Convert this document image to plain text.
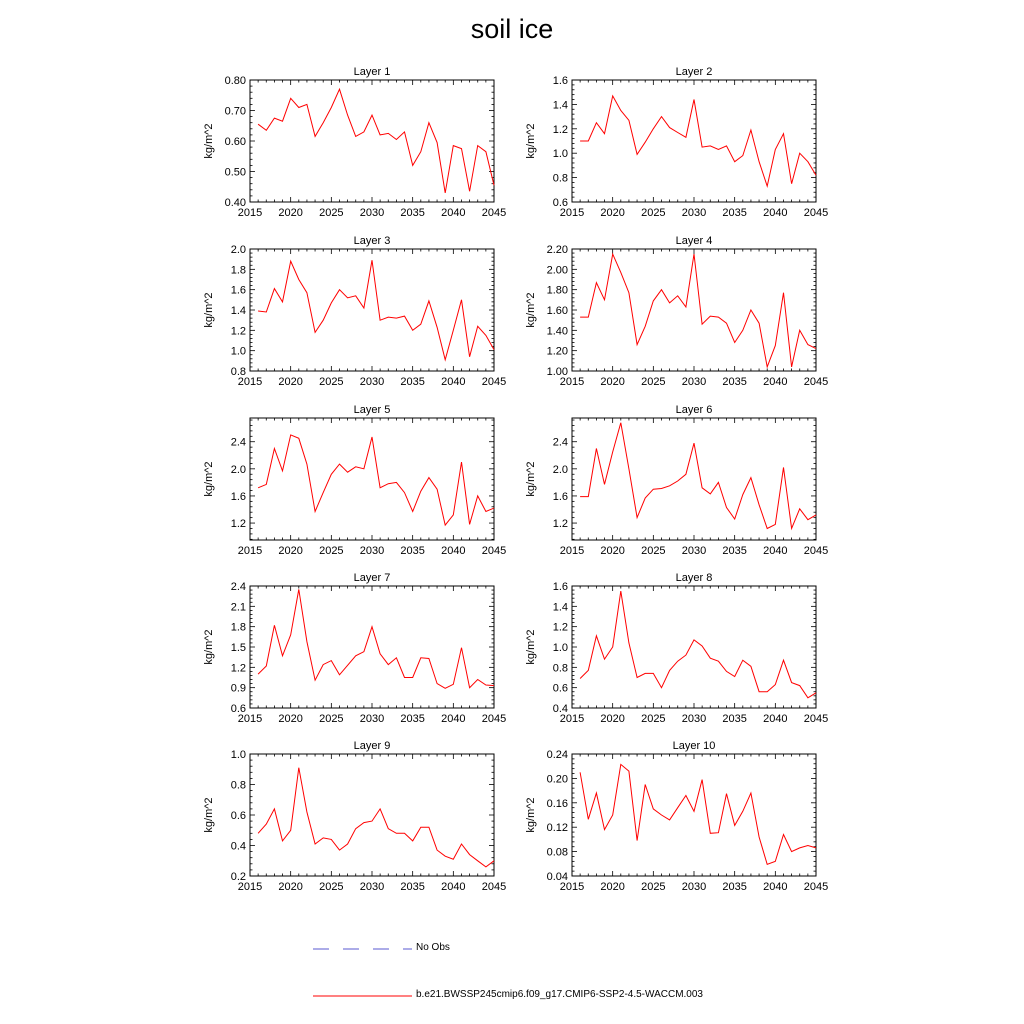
soil ice
Layer 1
kg/m^2
2015 2020 2025 2030 2035 2040 2045
0.40
0.50
0.60
0.70
0.80
Layer 2
kg/m^2
2015 2020 2025 2030 2035 2040 2045
0.6
0.8
1.0
1.2
1.4
1.6
Layer 3
kg/m^2
2015 2020 2025 2030 2035 2040 2045
0.8
1.0
1.2
1.4
1.6
1.8
2.0
Layer 4
kg/m^2
2015 2020 2025 2030 2035 2040 2045
1.00
1.20
1.40
1.60
1.80
2.00
2.20
Layer 5
kg/m^2
2015 2020 2025 2030 2035 2040 2045
1.2
1.6
2.0
2.4
Layer 6
kg/m^2
2015 2020 2025 2030 2035 2040 2045
1.2
1.6
2.0
2.4
Layer 7
kg/m^2
2015 2020 2025 2030 2035 2040 2045
0.6
0.9
1.2
1.5
1.8
2.1
2.4
Layer 8
kg/m^2
2015 2020 2025 2030 2035 2040 2045
0.4
0.6
0.8
1.0
1.2
1.4
1.6
Layer 9
kg/m^2
2015 2020 2025 2030 2035 2040 2045
0.2
0.4
0.6
0.8
1.0
Layer 10
kg/m^2
2015 2020 2025 2030 2035 2040 2045
0.04
0.08
0.12
0.16
0.20
0.24
No Obs
b.e21.BWSSP245cmip6.f09_g17.CMIP6-SSP2-4.5-WACCM.003
